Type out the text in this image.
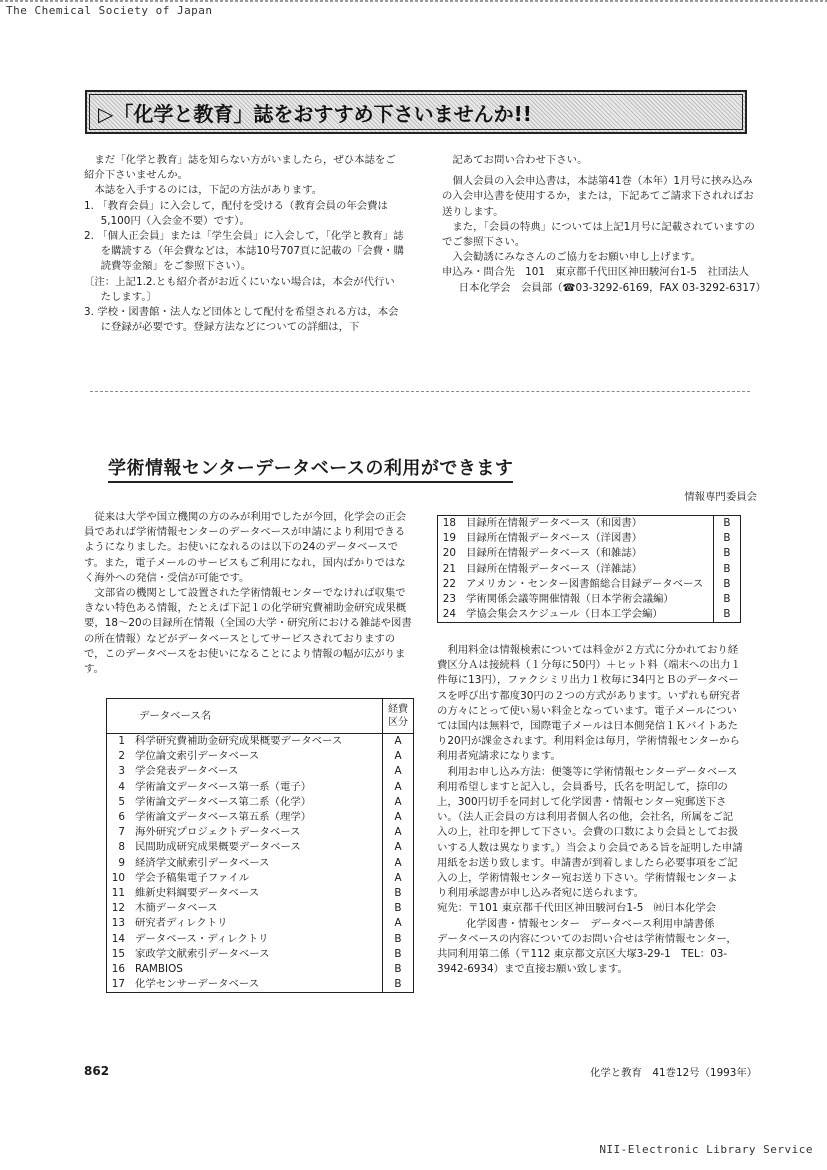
The Chemical Society of Japan
▷「化学と教育」誌をおすすめ下さいませんか!!

まだ「化学と教育」誌を知らない方がいましたら，ぜひ本誌をご紹介下さいませんか。

本誌を入手するのには，下記の方法があります。

1. 「教育会員」に入会して，配付を受ける（教育会員の年会費は5,100円（入会金不要）です）。

2. 「個人正会員」または「学生会員」に入会して，「化学と教育」誌を購読する（年会費などは，本誌10号707頁に記載の「会費・購読費等金額」をご参照下さい）。

〔注：上記1.2.とも紹介者がお近くにいない場合は，本会が代行いたします。〕

3. 学校・図書館・法人など団体として配付を希望される方は，本会に登録が必要です。登録方法などについての詳細は，下

記あてお問い合わせ下さい。

個人会員の入会申込書は，本誌第41巻（本年）1月号に挟み込みの入会申込書を使用するか，または，下記あてご請求下されればお送りします。

また，「会員の特典」については上記1月号に記載されていますのでご参照下さい。

入会勧誘にみなさんのご協力をお願い申し上げます。

申込み・問合先　101　東京都千代田区神田駿河台1-5　社団法人　日本化学会　会員部（☎03-3292-6169，FAX 03-3292-6317）

学術情報センターデータベースの利用ができます
情報専門委員会

従来は大学や国立機関の方のみが利用でしたが今回，化学会の正会員であれば学術情報センターのデータベースが申請により利用できるようになりました。お使いになれるのは以下の24のデータベースです。また，電子メールのサービスもご利用になれ，国内ばかりではなく海外への発信・受信が可能です。

文部省の機関として設置された学術情報センターでなければ収集できない特色ある情報，たとえば下記１の化学研究費補助金研究成果概要，18〜20の目録所在情報（全国の大学・研究所における雑誌や図書の所在情報）などがデータベースとしてサービスされておりますので，このデータベースをお使いになることにより情報の幅が広がります。

データベース名		経費区分
1	科学研究費補助金研究成果概要データベース	A
2	学位論文索引データベース	A
3	学会発表データベース	A
4	学術論文データベース第一系（電子）	A
5	学術論文データベース第二系（化学）	A
6	学術論文データベース第五系（理学）	A
7	海外研究プロジェクトデータベース	A
8	民間助成研究成果概要データベース	A
9	経済学文献索引データベース	A
10	学会予稿集電子ファイル	A
11	維新史料綱要データベース	B
12	木簡データベース	B
13	研究者ディレクトリ	A
14	データベース・ディレクトリ	B
15	家政学文献索引データベース	B
16	RAMBIOS	B
17	化学センサーデータベース	B
18	目録所在情報データベース（和図書）	B
19	目録所在情報データベース（洋図書）	B
20	目録所在情報データベース（和雑誌）	B
21	目録所在情報データベース（洋雑誌）	B
22	アメリカン・センター図書館総合目録データベース	B
23	学術関係会議等開催情報（日本学術会議編）	B
24	学協会集会スケジュール（日本工学会編）	B

利用料金は情報検索については料金が２方式に分かれており経費区分Ａは接続料（１分毎に50円）＋ヒット料（端末への出力１件毎に13円），ファクシミリ出力１枚毎に34円とＢのデータベースを呼び出す都度30円の２つの方式があります。いずれも研究者の方々にとって使い易い料金となっています。電子メールについては国内は無料で，国際電子メールは日本側発信１Ｋバイトあたり20円が課金されます。利用料金は毎月，学術情報センターから利用者宛請求になります。

利用お申し込み方法：便箋等に学術情報センターデータベース利用希望しますと記入し，会員番号，氏名を明記して，捺印の上，300円切手を同封して化学図書・情報センター宛郵送下さい。（法人正会員の方は利用者個人名の他，会社名，所属をご記入の上，社印を押して下さい。会費の口数により会員としてお扱いする人数は異なります。）当会より会員である旨を証明した申請用紙をお送り致します。申請書が到着しましたら必要事項をご記入の上，学術情報センター宛お送り下さい。学術情報センターより利用承認書が申し込み者宛に送られます。

宛先：〒101 東京都千代田区神田駿河台1-5　㈳日本化学会

化学図書・情報センター　データベース利用申請書係

データベースの内容についてのお問い合せは学術情報センター，共同利用第二係（〒112 東京都文京区大塚3-29-1　TEL：03-3942-6934）まで直接お願い致します。

862	化学と教育　41巻12号（1993年）
NII-Electronic Library Service
